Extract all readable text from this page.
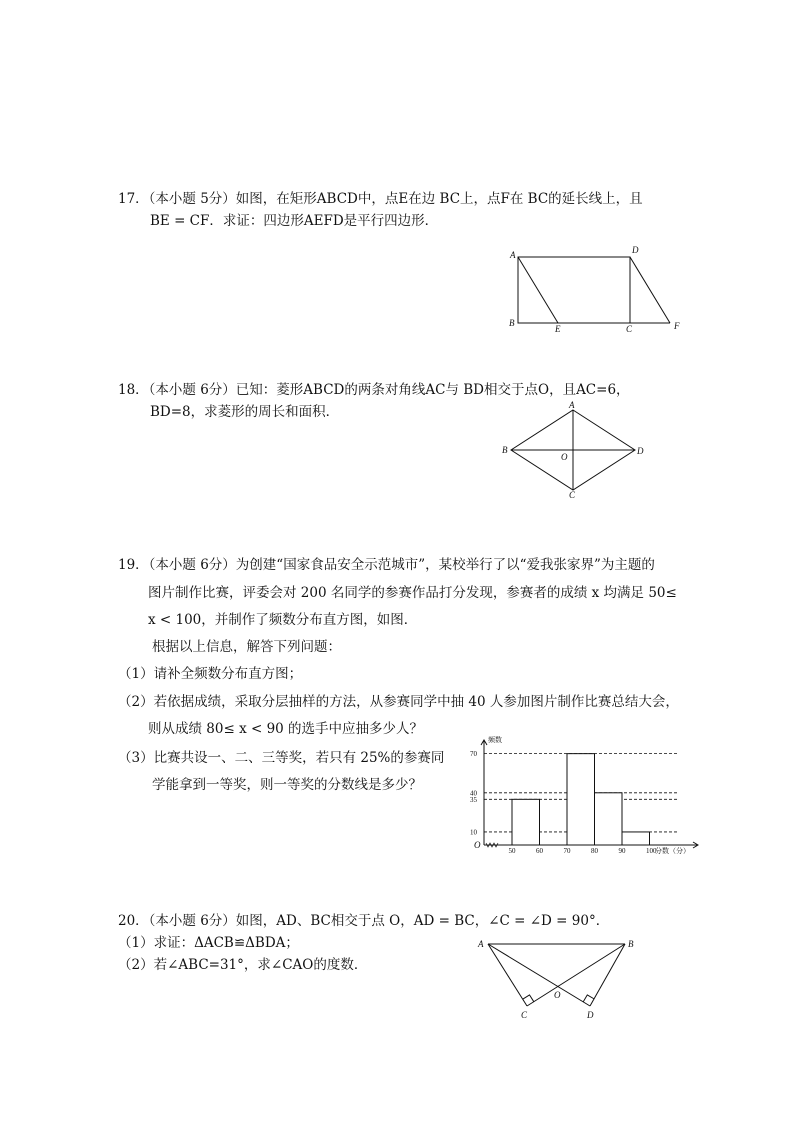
17．（本小题 5分）如图，在矩形ABCD中，点E在边 BC上，点F在 BC的延长线上，且
BE = CF．求证：四边形AEFD是平行四边形．
A	D
B
E	C	F
18．（本小题 6分）已知：菱形ABCD的两条对角线AC与 BD相交于点O，且AC=6，
BD=8，求菱形的周长和面积．	A
B	D
C
O
19．（本小题 6分）为创建“国家食品安全示范城市”，某校举行了以“爱我张家界”为主题的
图片制作比赛，评委会对 200 名同学的参赛作品打分发现，参赛者的成绩 x 均满足 50≤
x < 100，并制作了频数分布直方图，如图．
根据以上信息，解答下列问题：
（1）请补全频数分布直方图；
（2）若依据成绩，采取分层抽样的方法，从参赛同学中抽 40 人参加图片制作比赛总结大会，
则从成绩 80≤ x < 90 的选手中应抽多少人？
（3）比赛共设一、二、三等奖，若只有 25%的参赛同
学能拿到一等奖，则一等奖的分数线是多少？
频数
分数（分）
O
10
35
40
70
50	60	70	80	90	100
20．（本小题 6分）如图，AD、BC相交于点 O，AD = BC，∠C = ∠D = 90°．
（1）求证：ΔACB≌ΔBDA；
（2）若∠ABC=31°，求∠CAO的度数．
A	B
C	D
O
